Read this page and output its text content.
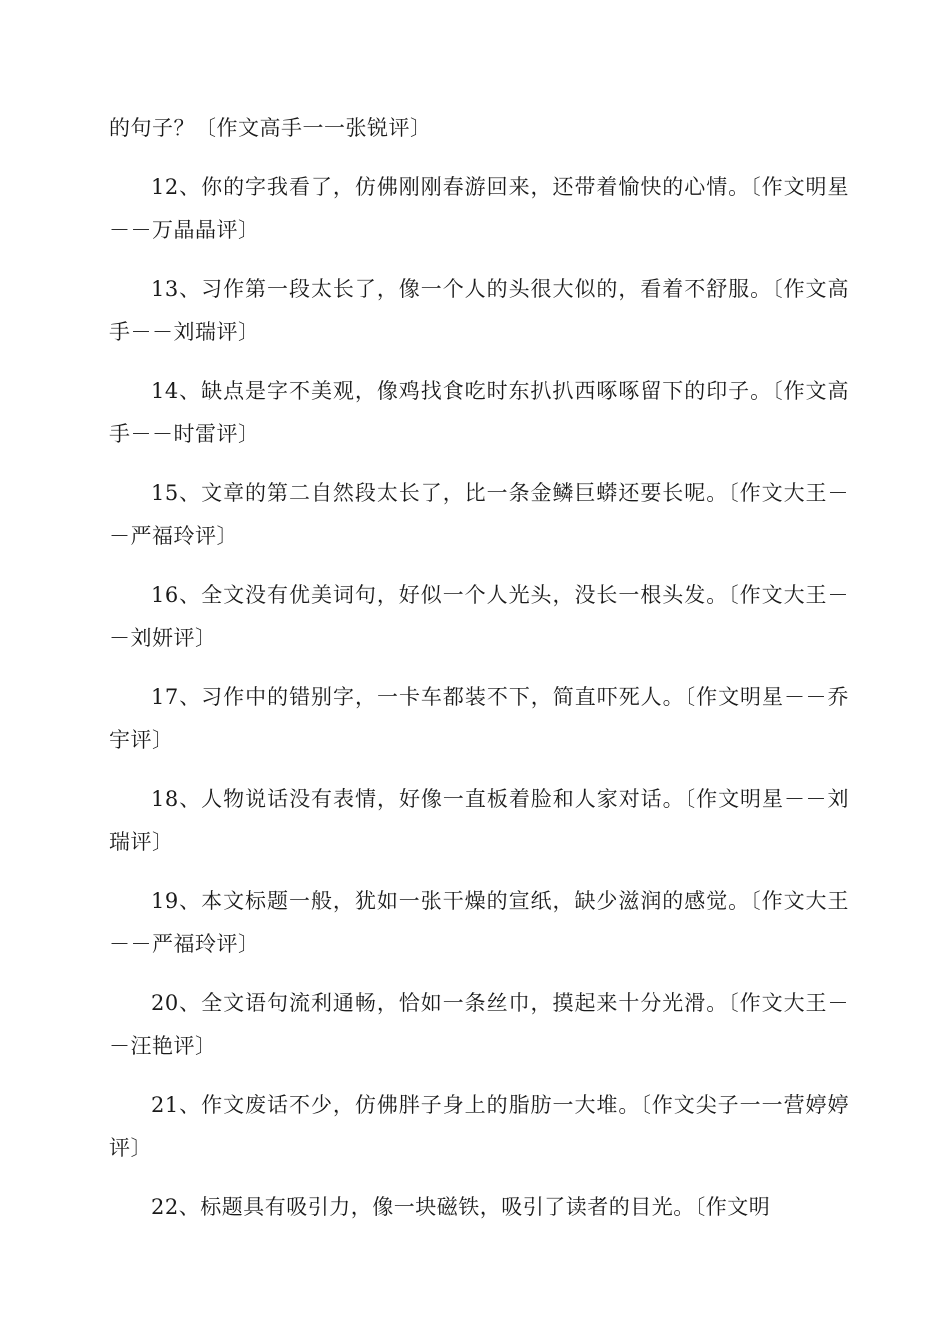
的句子？〔作文高手一一张锐评〕

12、你的字我看了，仿佛刚刚春游回来，还带着愉快的心情。〔作文明星－－万晶晶评〕

13、习作第一段太长了，像一个人的头很大似的，看着不舒服。〔作文高手－－刘瑞评〕

14、缺点是字不美观，像鸡找食吃时东扒扒西啄啄留下的印子。〔作文高手－－时雷评〕

15、文章的第二自然段太长了，比一条金鳞巨蟒还要长呢。〔作文大王－－严福玲评〕

16、全文没有优美词句，好似一个人光头，没长一根头发。〔作文大王－－刘妍评〕

17、习作中的错别字，一卡车都装不下，简直吓死人。〔作文明星－－乔宇评〕

18、人物说话没有表情，好像一直板着脸和人家对话。〔作文明星－－刘瑞评〕

19、本文标题一般，犹如一张干燥的宣纸，缺少滋润的感觉。〔作文大王－－严福玲评〕

20、全文语句流利通畅，恰如一条丝巾，摸起来十分光滑。〔作文大王－－汪艳评〕

21、作文废话不少，仿佛胖子身上的脂肪一大堆。〔作文尖子一一营婷婷评〕

22、标题具有吸引力，像一块磁铁，吸引了读者的目光。〔作文明
